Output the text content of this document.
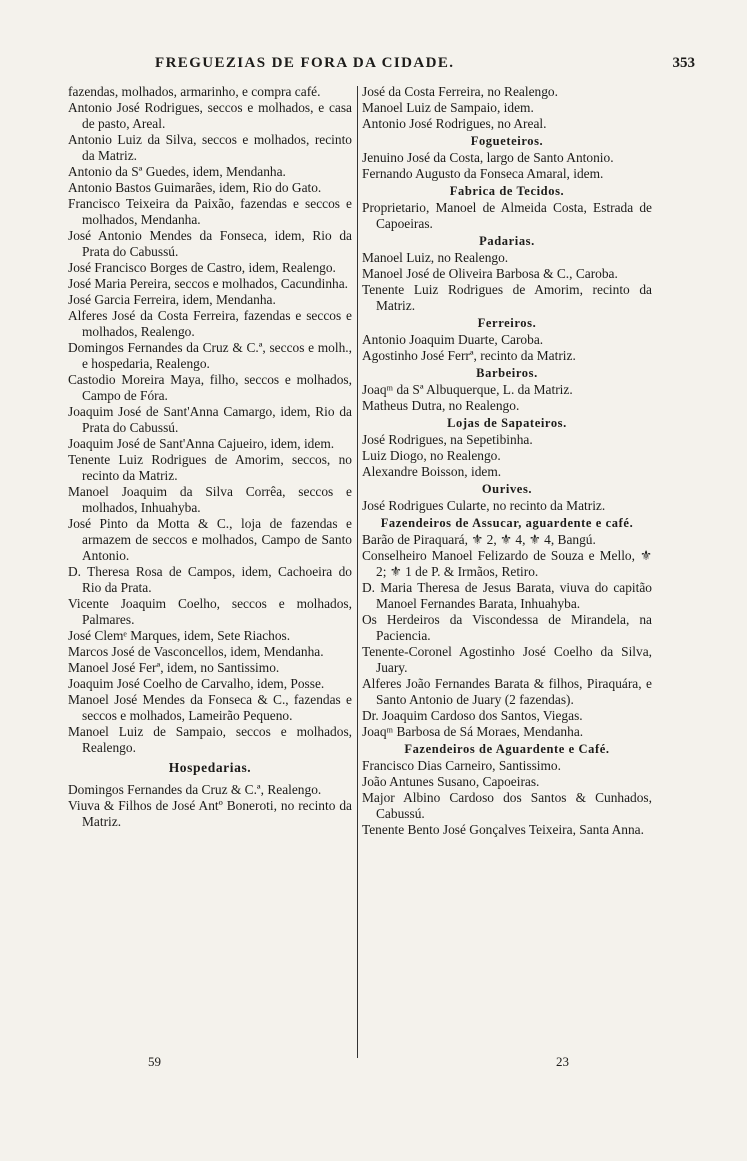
FREGUEZIAS DE FORA DA CIDADE.	353
fazendas, molhados, armarinho, e compra café.
Antonio José Rodrigues, seccos e molhados, e casa de pasto, Areal.
Antonio Luiz da Silva, seccos e molhados, recinto da Matriz.
Antonio da Sª Guedes, idem, Mendanha.
Antonio Bastos Guimarães, idem, Rio do Gato.
Francisco Teixeira da Paixão, fazendas e seccos e molhados, Mendanha.
José Antonio Mendes da Fonseca, idem, Rio da Prata do Cabussú.
José Francisco Borges de Castro, idem, Realengo.
José Maria Pereira, seccos e molhados, Cacundinha.
José Garcia Ferreira, idem, Mendanha.
Alferes José da Costa Ferreira, fazendas e seccos e molhados, Realengo.
Domingos Fernandes da Cruz & C.ª, seccos e molh., e hospedaria, Realengo.
Castodio Moreira Maya, filho, seccos e molhados, Campo de Fóra.
Joaquim José de Sant'Anna Camargo, idem, Rio da Prata do Cabussú.
Joaquim José de Sant'Anna Cajueiro, idem, idem.
Tenente Luiz Rodrigues de Amorim, seccos, no recinto da Matriz.
Manoel Joaquim da Silva Corrêa, seccos e molhados, Inhuahyba.
José Pinto da Motta & C., loja de fazendas e armazem de seccos e molhados, Campo de Santo Antonio.
D. Theresa Rosa de Campos, idem, Cachoeira do Rio da Prata.
Vicente Joaquim Coelho, seccos e molhados, Palmares.
José Clemᵉ Marques, idem, Sete Riachos.
Marcos José de Vasconcellos, idem, Mendanha.
Manoel José Ferª, idem, no Santissimo.
Joaquim José Coelho de Carvalho, idem, Posse.
Manoel José Mendes da Fonseca & C., fazendas e seccos e molhados, Lameirão Pequeno.
Manoel Luiz de Sampaio, seccos e molhados, Realengo.
Hospedarias.
Domingos Fernandes da Cruz & C.ª, Realengo.
Viuva & Filhos de José Antº Boneroti, no recinto da Matriz.
José da Costa Ferreira, no Realengo.
Manoel Luiz de Sampaio, idem.
Antonio José Rodrigues, no Areal.
Fogueteiros.
Jenuino José da Costa, largo de Santo Antonio.
Fernando Augusto da Fonseca Amaral, idem.
Fabrica de Tecidos.
Proprietario, Manoel de Almeida Costa, Estrada de Capoeiras.
Padarias.
Manoel Luiz, no Realengo.
Manoel José de Oliveira Barbosa & C., Caroba.
Tenente Luiz Rodrigues de Amorim, recinto da Matriz.
Ferreiros.
Antonio Joaquim Duarte, Caroba.
Agostinho José Ferrª, recinto da Matriz.
Barbeiros.
Joaqᵐ da Sª Albuquerque, L. da Matriz.
Matheus Dutra, no Realengo.
Lojas de Sapateiros.
José Rodrigues, na Sepetibinha.
Luiz Diogo, no Realengo.
Alexandre Boisson, idem.
Ourives.
José Rodrigues Cularte, no recinto da Matriz.
Fazendeiros de Assucar, aguardente e café.
Barão de Piraquará, ⚜ 2, ⚜ 4, ⚜ 4, Bangú.
Conselheiro Manoel Felizardo de Souza e Mello, ⚜ 2; ⚜ 1 de P. & Irmãos, Retiro.
D. Maria Theresa de Jesus Barata, viuva do capitão Manoel Fernandes Barata, Inhuahyba.
Os Herdeiros da Viscondessa de Mirandela, na Paciencia.
Tenente-Coronel Agostinho José Coelho da Silva, Juary.
Alferes João Fernandes Barata & filhos, Piraquára, e Santo Antonio de Juary (2 fazendas).
Dr. Joaquim Cardoso dos Santos, Viegas.
Joaqᵐ Barbosa de Sá Moraes, Mendanha.
Fazendeiros de Aguardente e Café.
Francisco Dias Carneiro, Santissimo.
João Antunes Susano, Capoeiras.
Major Albino Cardoso dos Santos & Cunhados, Cabussú.
Tenente Bento José Gonçalves Teixeira, Santa Anna.
59	23
